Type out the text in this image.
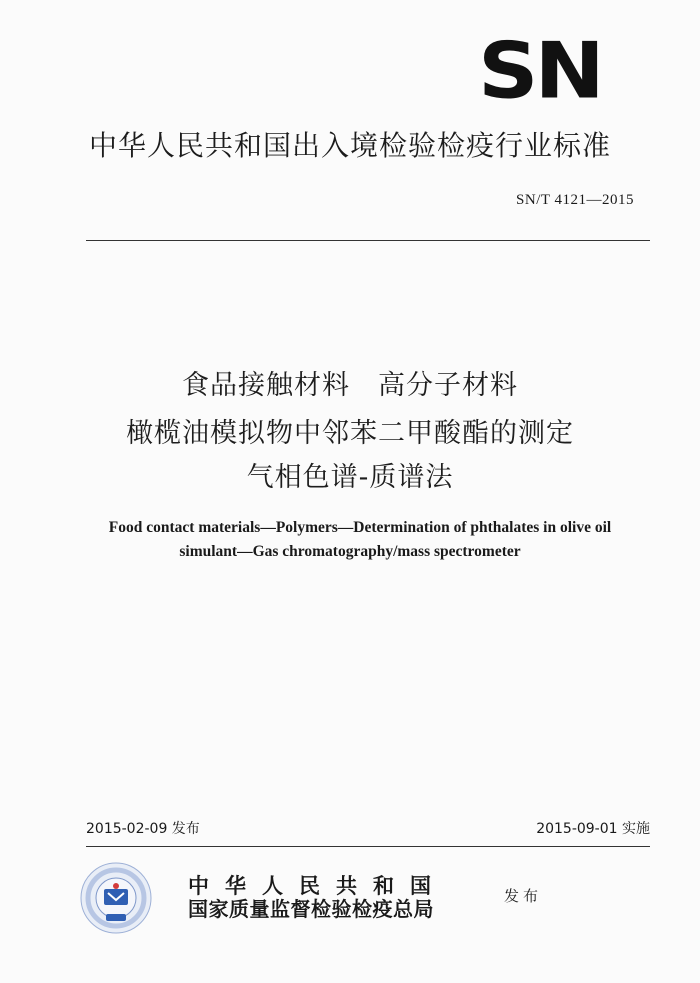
SN
中华人民共和国出入境检验检疫行业标准
SN/T 4121—2015
食品接触材料　高分子材料
橄榄油模拟物中邻苯二甲酸酯的测定
气相色谱-质谱法
Food contact materials—Polymers—Determination of phthalates in olive oil
simulant—Gas chromatography/mass spectrometer
2015-02-09 发布	2015-09-01 实施
中华人民共和国
国家质量监督检验检疫总局
发布
